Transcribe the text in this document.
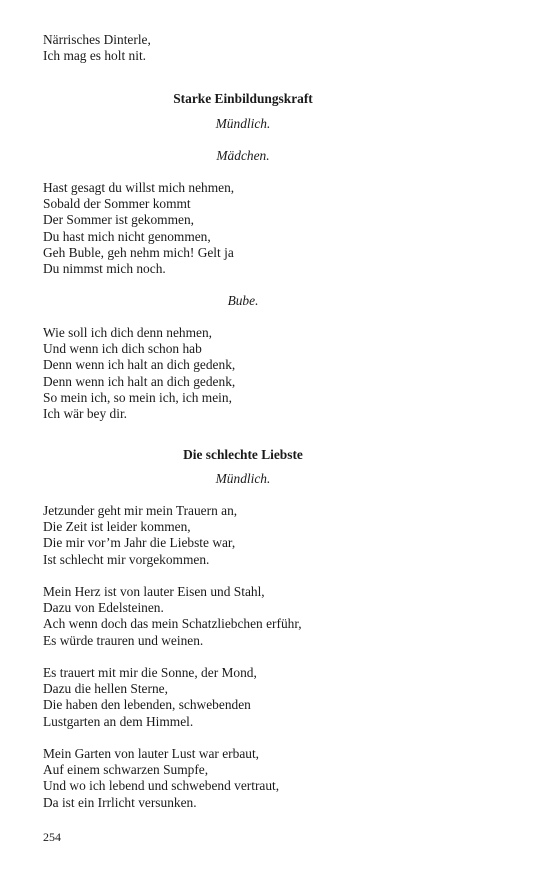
Närrisches Dinterle,

Ich mag es holt nit.

Starke Einbildungskraft
Mündlich.
Mädchen.

Hast gesagt du willst mich nehmen,

Sobald der Sommer kommt

Der Sommer ist gekommen,

Du hast mich nicht genommen,

Geh Buble, geh nehm mich! Gelt ja

Du nimmst mich noch.

Bube.

Wie soll ich dich denn nehmen,

Und wenn ich dich schon hab

Denn wenn ich halt an dich gedenk,

Denn wenn ich halt an dich gedenk,

So mein ich, so mein ich, ich mein,

Ich wär bey dir.

Die schlechte Liebste
Mündlich.

Jetzunder geht mir mein Trauern an,

Die Zeit ist leider kommen,

Die mir vor’m Jahr die Liebste war,

Ist schlecht mir vorgekommen.

Mein Herz ist von lauter Eisen und Stahl,

Dazu von Edelsteinen.

Ach wenn doch das mein Schatzliebchen erführ,

Es würde trauren und weinen.

Es trauert mit mir die Sonne, der Mond,

Dazu die hellen Sterne,

Die haben den lebenden, schwebenden

Lustgarten an dem Himmel.

Mein Garten von lauter Lust war erbaut,

Auf einem schwarzen Sumpfe,

Und wo ich lebend und schwebend vertraut,

Da ist ein Irrlicht versunken.

254
